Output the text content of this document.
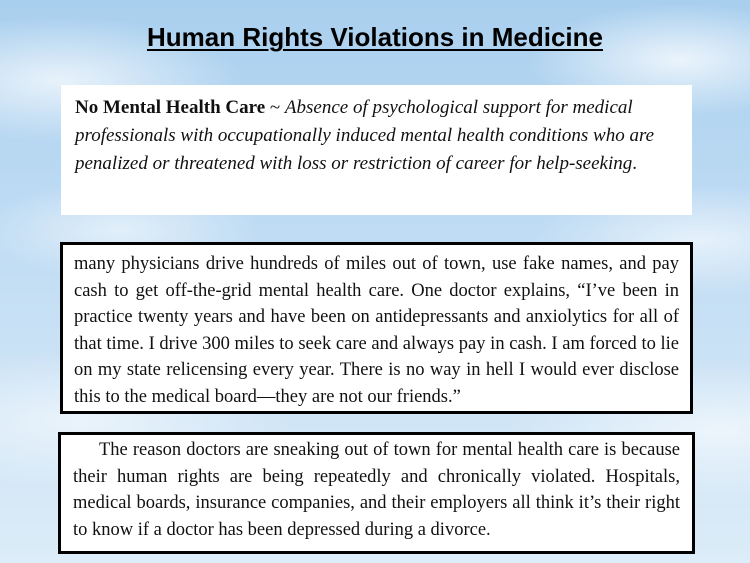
Human Rights Violations in Medicine
No Mental Health Care ~ Absence of psychological support for medical professionals with occupationally induced mental health conditions who are penalized or threatened with loss or restriction of career for help-seeking.

many physicians drive hundreds of miles out of town, use fake names, and pay cash to get off-the-grid mental health care. One doctor explains, “I’ve been in practice twenty years and have been on antidepressants and anxiolytics for all of that time. I drive 300 miles to seek care and always pay in cash. I am forced to lie on my state relicensing every year. There is no way in hell I would ever disclose this to the medical board—they are not our friends.”

The reason doctors are sneaking out of town for mental health care is because their human rights are being repeatedly and chronically violated. Hospitals, medical boards, insurance companies, and their employers all think it’s their right to know if a doctor has been depressed during a divorce.
